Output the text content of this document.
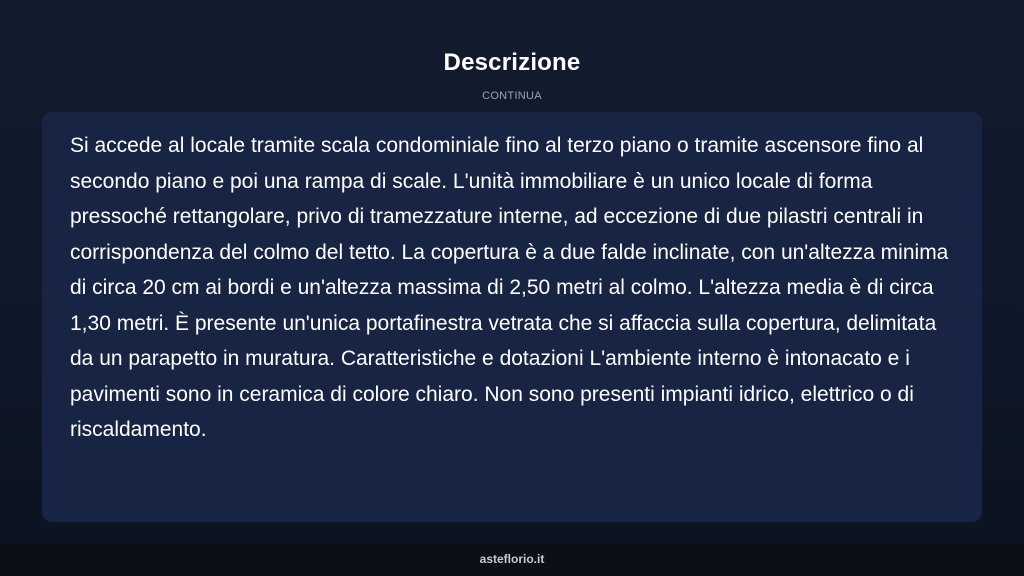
Descrizione
CONTINUA

Si accede al locale tramite scala condominiale fino al terzo piano o tramite ascensore fino al secondo piano e poi una rampa di scale. L'unità immobiliare è un unico locale di forma pressoché rettangolare, privo di tramezzature interne, ad eccezione di due pilastri centrali in corrispondenza del colmo del tetto. La copertura è a due falde inclinate, con un'altezza minima di circa 20 cm ai bordi e un'altezza massima di 2,50 metri al colmo. L'altezza media è di circa 1,30 metri. È presente un'unica portafinestra vetrata che si affaccia sulla copertura, delimitata da un parapetto in muratura. Caratteristiche e dotazioni L'ambiente interno è intonacato e i pavimenti sono in ceramica di colore chiaro. Non sono presenti impianti idrico, elettrico o di riscaldamento.

asteflorio.it
